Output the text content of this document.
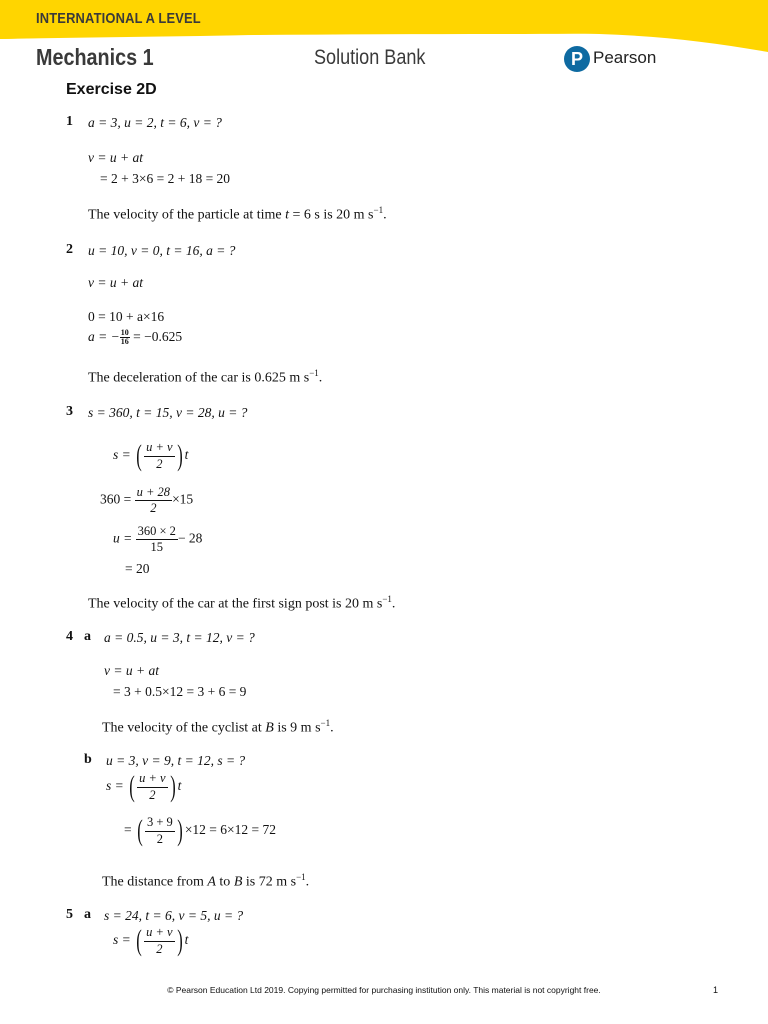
INTERNATIONAL A LEVEL
Mechanics 1	Solution Bank	P Pearson
Exercise 2D
1 a = 3, u = 2, t = 6, v = ?
v = u + at
= 2 + 3×6 = 2 + 18 = 20
The velocity of the particle at time t = 6 s is 20 m $s^{-1}$.
2 u = 10, v = 0, t = 16, a = ?
v = u + at
0 = 10 + a×16
a = − $\frac{10}{16} = -0.625$
The deceleration of the car is 0.625 m $s^{-1}$.
3 s = 360, t = 15, v = 28, u = ?
s = ( $\frac{u + v}{2}$ ) t
$360 = \frac{u + 28}{2} \times 15$
$u = \frac{360 \times 2}{15} - 28$
= 20
The velocity of the car at the first sign post is 20 m $s^{-1}$.
4 a a = 0.5, u = 3, t = 12, v = ?
v = u + at
= 3 + 0.5×12 = 3 + 6 = 9
The velocity of the cyclist at B is 9 m $s^{-1}$.
b u = 3, v = 9, t = 12, s = ?
s = ( $\frac{u + v}{2}$ ) t
= ( $\frac{3 + 9}{2}$ ) ×12 = 6×12 = 72
The distance from A to B is 72 m $s^{-1}$.
5 a s = 24, t = 6, v = 5, u = ?
s = ( $\frac{u + v}{2}$ ) t
© Pearson Education Ltd 2019. Copying permitted for purchasing institution only. This material is not copyright free.	1
